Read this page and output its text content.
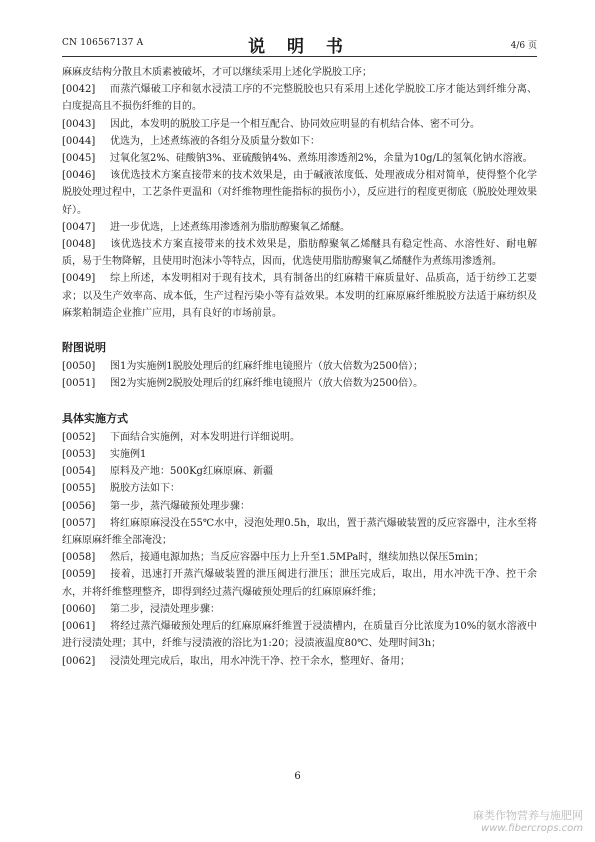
CN 106567137 A	说 明 书	4/6 页
麻麻皮结构分散且木质素被破坏，才可以继续采用上述化学脱胶工序；
[0042] 而蒸汽爆破工序和氨水浸渍工序的不完整脱胶也只有采用上述化学脱胶工序才能达到纤维分离、白度提高且不损伤纤维的目的。
[0043] 因此，本发明的脱胶工序是一个相互配合、协同效应明显的有机结合体、密不可分。
[0044] 优选为，上述煮练液的各组分及质量分数如下：
[0045] 过氧化氢2%、硅酸钠3%、亚硫酸钠4%、煮练用渗透剂2%，余量为10g/L的氢氧化钠水溶液。
[0046] 该优选技术方案直接带来的技术效果是，由于碱液浓度低、处理液成分相对简单，使得整个化学脱胶处理过程中，工艺条件更温和（对纤维物理性能指标的损伤小），反应进行的程度更彻底（脱胶处理效果好）。
[0047] 进一步优选，上述煮练用渗透剂为脂肪醇聚氧乙烯醚。
[0048] 该优选技术方案直接带来的技术效果是，脂肪醇聚氧乙烯醚具有稳定性高、水溶性好、耐电解质，易于生物降解，且使用时泡沫小等特点，因而，优选使用脂肪醇聚氧乙烯醚作为煮练用渗透剂。
[0049] 综上所述，本发明相对于现有技术，具有制备出的红麻精干麻质量好、品质高，适于纺纱工艺要求；以及生产效率高、成本低，生产过程污染小等有益效果。本发明的红麻原麻纤维脱胶方法适于麻纺织及麻浆粕制造企业推广应用，具有良好的市场前景。
附图说明
[0050] 图1为实施例1脱胶处理后的红麻纤维电镜照片（放大倍数为2500倍）；
[0051] 图2为实施例2脱胶处理后的红麻纤维电镜照片（放大倍数为2500倍）。
具体实施方式
[0052] 下面结合实施例，对本发明进行详细说明。
[0053] 实施例1
[0054] 原料及产地：500Kg红麻原麻、新疆
[0055] 脱胶方法如下：
[0056] 第一步，蒸汽爆破预处理步骤：
[0057] 将红麻原麻浸没在55℃水中，浸泡处理0.5h，取出，置于蒸汽爆破装置的反应容器中，注水至将红麻原麻纤维全部淹没；
[0058] 然后，接通电源加热；当反应容器中压力上升至1.5MPa时，继续加热以保压5min；
[0059] 接着，迅速打开蒸汽爆破装置的泄压阀进行泄压；泄压完成后，取出，用水冲洗干净、控干余水，并将纤维整理整齐，即得到经过蒸汽爆破预处理后的红麻原麻纤维；
[0060] 第二步，浸渍处理步骤：
[0061] 将经过蒸汽爆破预处理后的红麻原麻纤维置于浸渍槽内，在质量百分比浓度为10%的氨水溶液中进行浸渍处理；其中，纤维与浸渍液的浴比为1:20；浸渍液温度80℃、处理时间3h；
[0062] 浸渍处理完成后，取出，用水冲洗干净、控干余水，整理好、备用；
6
麻类作物营养与施肥网
www.fibercrops.com
